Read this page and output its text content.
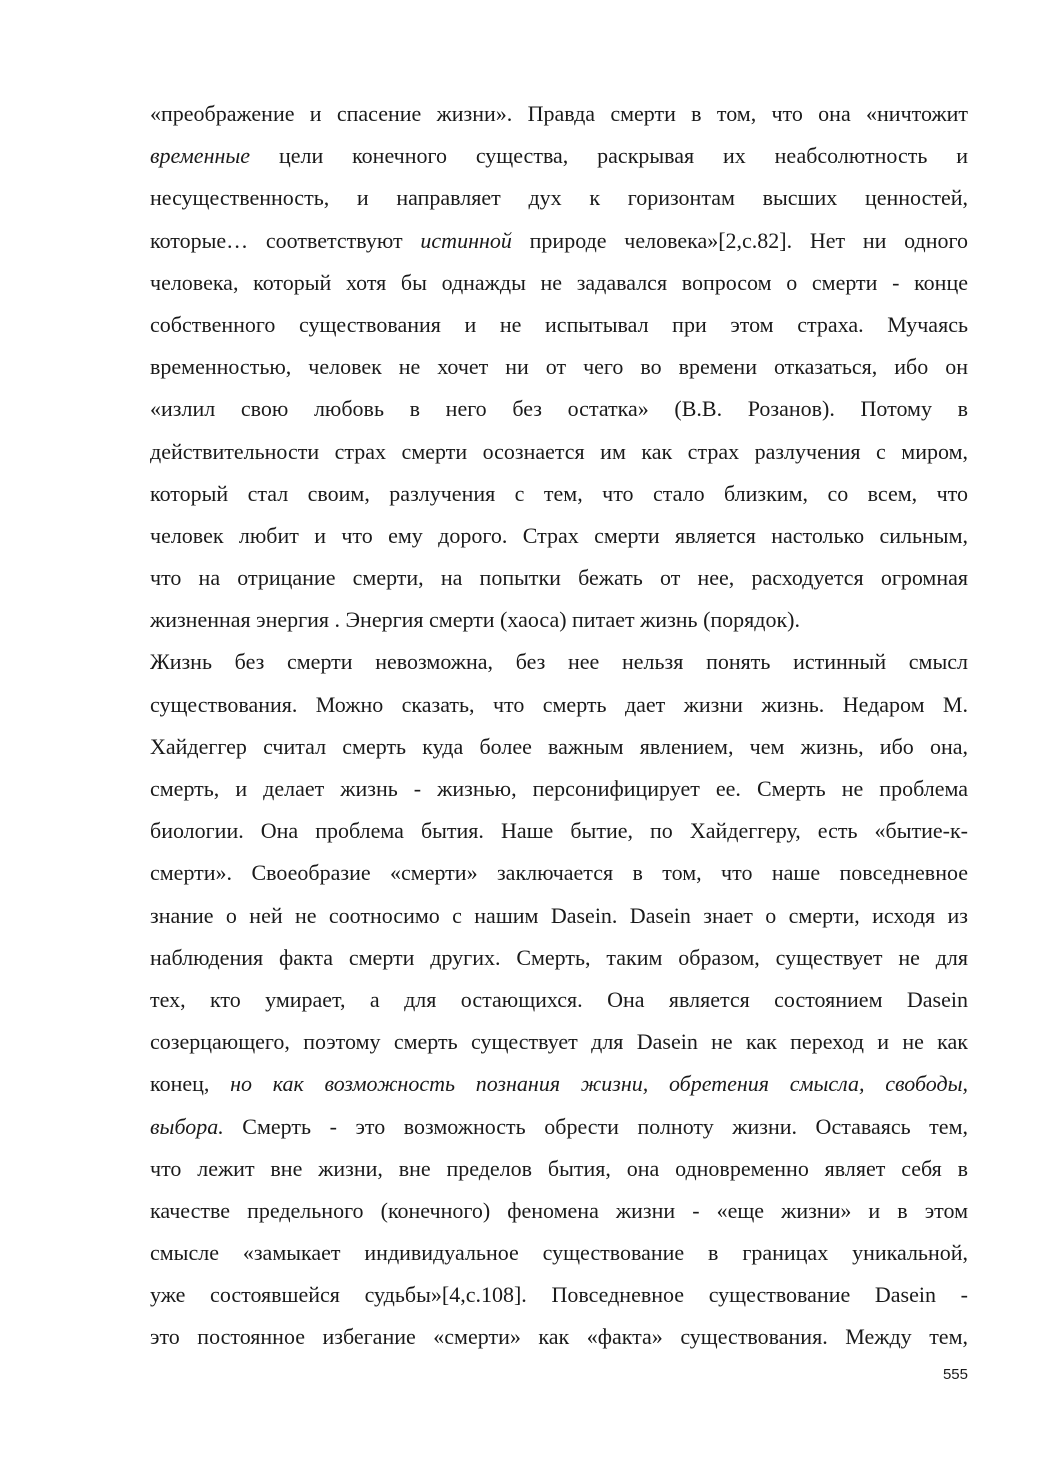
«преображение и спасение жизни». Правда смерти в том, что она «ничтожит
временные цели конечного существа, раскрывая их неабсолютность и
несущественность, и направляет дух к горизонтам высших ценностей,
которые… соответствуют истинной природе человека»[2,с.82]. Нет ни одного
человека, который хотя бы однажды не задавался вопросом о смерти - конце
собственного существования и не испытывал при этом страха. Мучаясь
временностью, человек не хочет ни от чего во времени отказаться, ибо он
«излил свою любовь в него без остатка» (В.В. Розанов). Потому в
действительности страх смерти осознается им как страх разлучения с миром,
который стал своим, разлучения с тем, что стало близким, со всем, что
человек любит и что ему дорого. Страх смерти является настолько сильным,
что на отрицание смерти, на попытки бежать от нее, расходуется огромная
жизненная энергия . Энергия смерти (хаоса) питает жизнь (порядок).
Жизнь без смерти невозможна, без нее нельзя понять истинный смысл
существования. Можно сказать, что смерть дает жизни жизнь. Недаром М.
Хайдеггер считал смерть куда более важным явлением, чем жизнь, ибо она,
смерть, и делает жизнь - жизнью, персонифицирует ее. Смерть не проблема
биологии. Она проблема бытия. Наше бытие, по Хайдеггеру, есть «бытие-к-
смерти». Своеобразие «смерти» заключается в том, что наше повседневное
знание о ней не соотносимо с нашим Dasein. Dasein знает о смерти, исходя из
наблюдения факта смерти других. Смерть, таким образом, существует не для
тех, кто умирает, а для остающихся. Она является состоянием Dasein
созерцающего, поэтому смерть существует для Dasein не как переход и не как
конец, но как возможность познания жизни, обретения смысла, свободы,
выбора. Смерть - это возможность обрести полноту жизни. Оставаясь тем,
что лежит вне жизни, вне пределов бытия, она одновременно являет себя в
качестве предельного (конечного) феномена жизни - «еще жизни» и в этом
смысле «замыкает индивидуальное существование в границах уникальной,
уже состоявшейся судьбы»[4,с.108]. Повседневное существование Dasein -
это постоянное избегание «смерти» как «факта» существования. Между тем,
555
